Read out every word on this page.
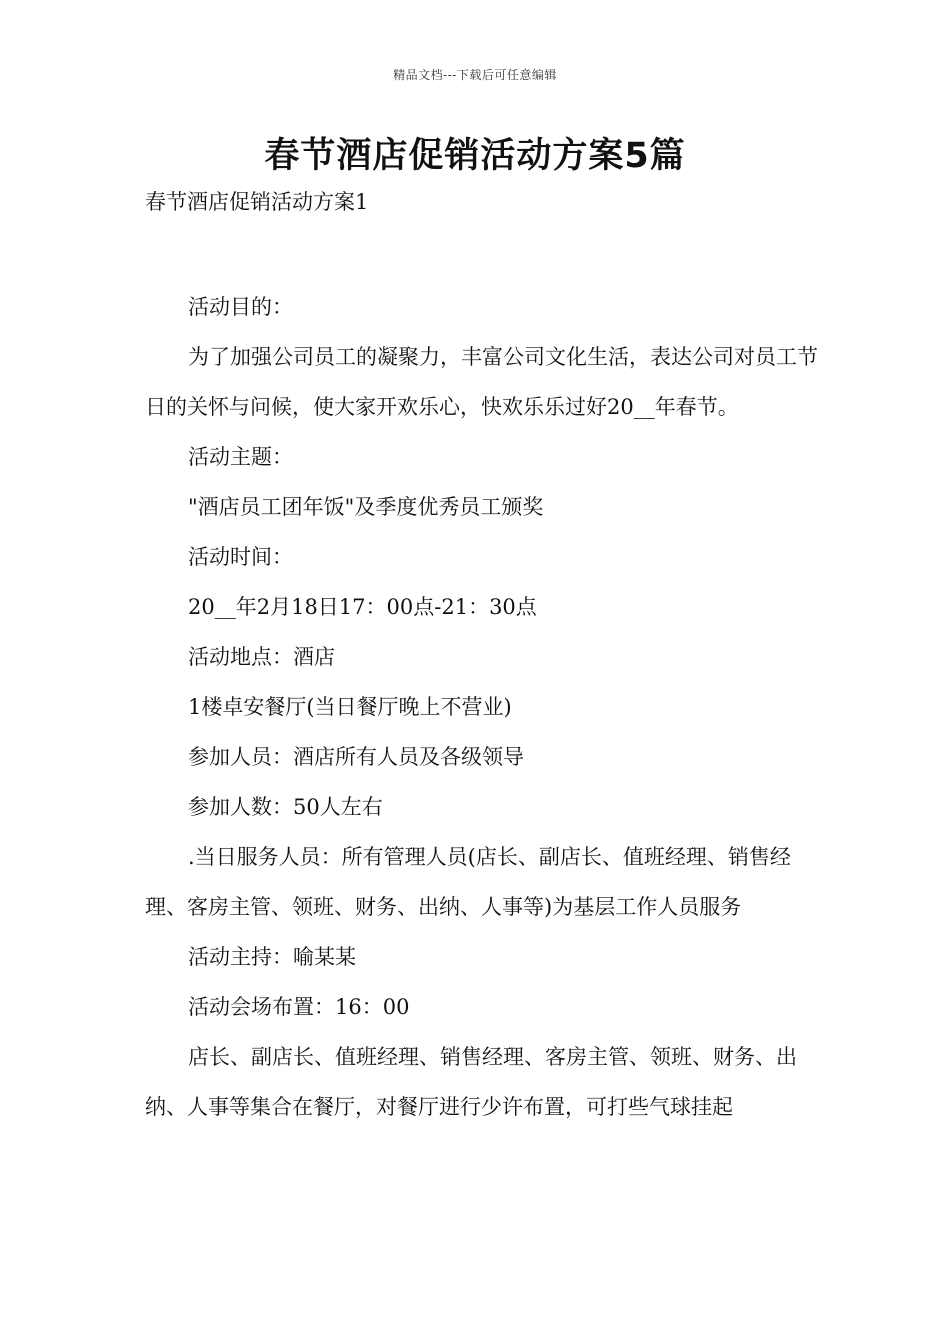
精品文档---下载后可任意编辑
春节酒店促销活动方案5篇
春节酒店促销活动方案1

活动目的：

为了加强公司员工的凝聚力，丰富公司文化生活，表达公司对员工节日的关怀与问候，使大家开欢乐心，快欢乐乐过好20__年春节。

活动主题：

"酒店员工团年饭"及季度优秀员工颁奖

活动时间：

20__年2月18日17：00点-21：30点

活动地点：酒店

1楼卓安餐厅(当日餐厅晚上不营业)

参加人员：酒店所有人员及各级领导

参加人数：50人左右

.当日服务人员：所有管理人员(店长、副店长、值班经理、销售经理、客房主管、领班、财务、出纳、人事等)为基层工作人员服务

活动主持：喻某某

活动会场布置：16：00

店长、副店长、值班经理、销售经理、客房主管、领班、财务、出纳、人事等集合在餐厅，对餐厅进行少许布置，可打些气球挂起
